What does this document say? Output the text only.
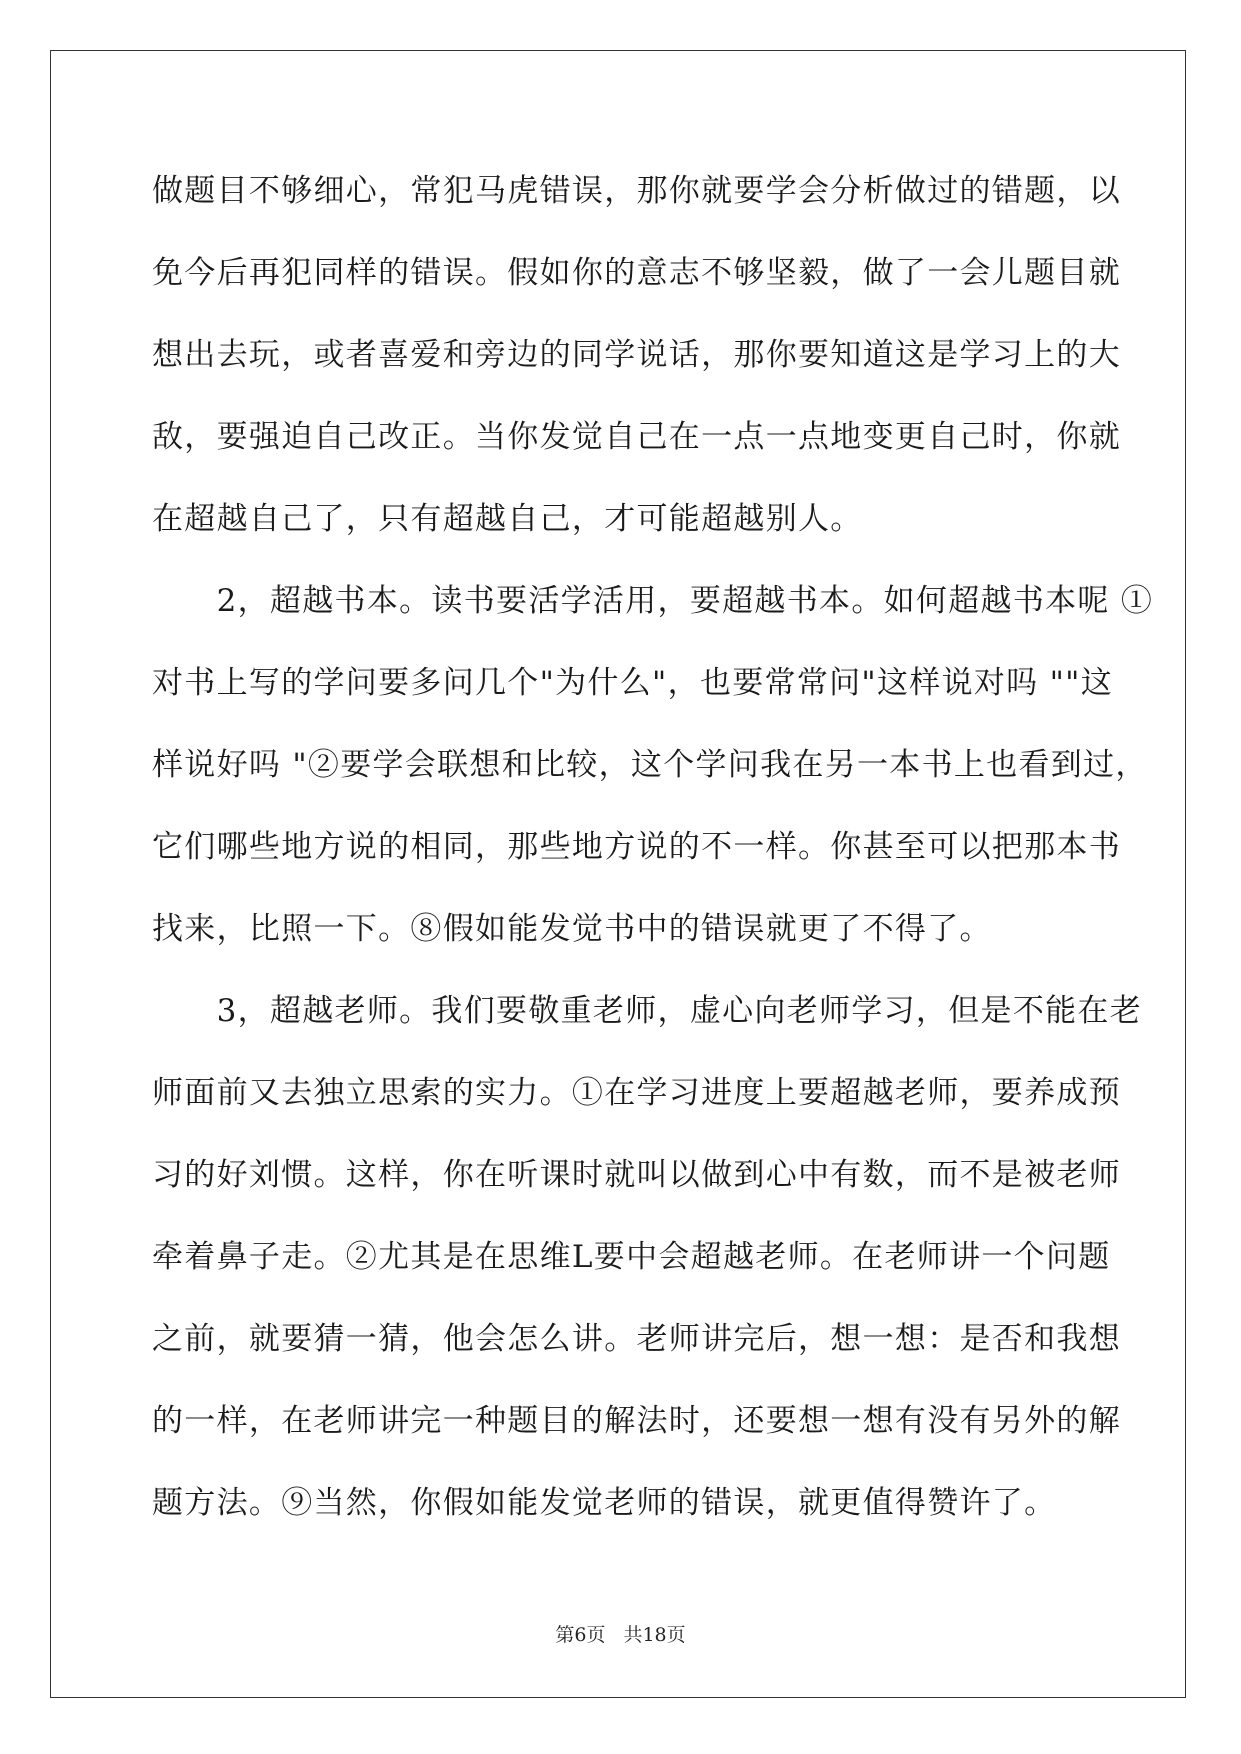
做题目不够细心，常犯马虎错误，那你就要学会分析做过的错题，以
免今后再犯同样的错误。假如你的意志不够坚毅，做了一会儿题目就
想出去玩，或者喜爱和旁边的同学说话，那你要知道这是学习上的大
敌，要强迫自己改正。当你发觉自己在一点一点地变更自己时，你就
在超越自己了，只有超越自己，才可能超越别人。
　　2，超越书本。读书要活学活用，要超越书本。如何超越书本呢 ①
对书上写的学问要多问几个"为什么"，也要常常问"这样说对吗 ""这
样说好吗 "②要学会联想和比较，这个学问我在另一本书上也看到过，
它们哪些地方说的相同，那些地方说的不一样。你甚至可以把那本书
找来，比照一下。⑧假如能发觉书中的错误就更了不得了。
　　3，超越老师。我们要敬重老师，虚心向老师学习，但是不能在老
师面前又去独立思索的实力。①在学习进度上要超越老师，要养成预
习的好刘惯。这样，你在听课时就叫以做到心中有数，而不是被老师
牵着鼻子走。②尤其是在思维L要中会超越老师。在老师讲一个问题
之前，就要猜一猜，他会怎么讲。老师讲完后，想一想：是否和我想
的一样，在老师讲完一种题目的解法时，还要想一想有没有另外的解
题方法。⑨当然，你假如能发觉老师的错误，就更值得赞许了。
第6页 共18页
